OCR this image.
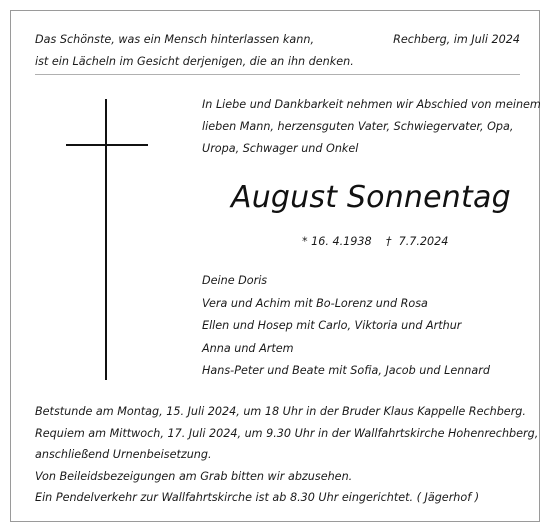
Das Schönste, was ein Mensch hinterlassen kann,
ist ein Lächeln im Gesicht derjenigen, die an ihn denken.
Rechberg, im Juli 2024
In Liebe und Dankbarkeit nehmen wir Abschied von meinem
lieben Mann, herzensguten Vater, Schwiegervater, Opa,
Uropa, Schwager und Onkel
August Sonnentag
* 16. 4.1938    †  7.7.2024
Deine Doris
Vera und Achim mit Bo-Lorenz und Rosa
Ellen und Hosep mit Carlo, Viktoria und Arthur
Anna und Artem
Hans-Peter und Beate mit Sofia, Jacob und Lennard
Betstunde am Montag, 15. Juli 2024, um 18 Uhr in der Bruder Klaus Kappelle Rechberg.
Requiem am Mittwoch, 17. Juli 2024, um 9.30 Uhr in der Wallfahrtskirche Hohenrechberg,
anschließend Urnenbeisetzung.
Von Beileidsbezeigungen am Grab bitten wir abzusehen.
Ein Pendelverkehr zur Wallfahrtskirche ist ab 8.30 Uhr eingerichtet. ( Jägerhof )
